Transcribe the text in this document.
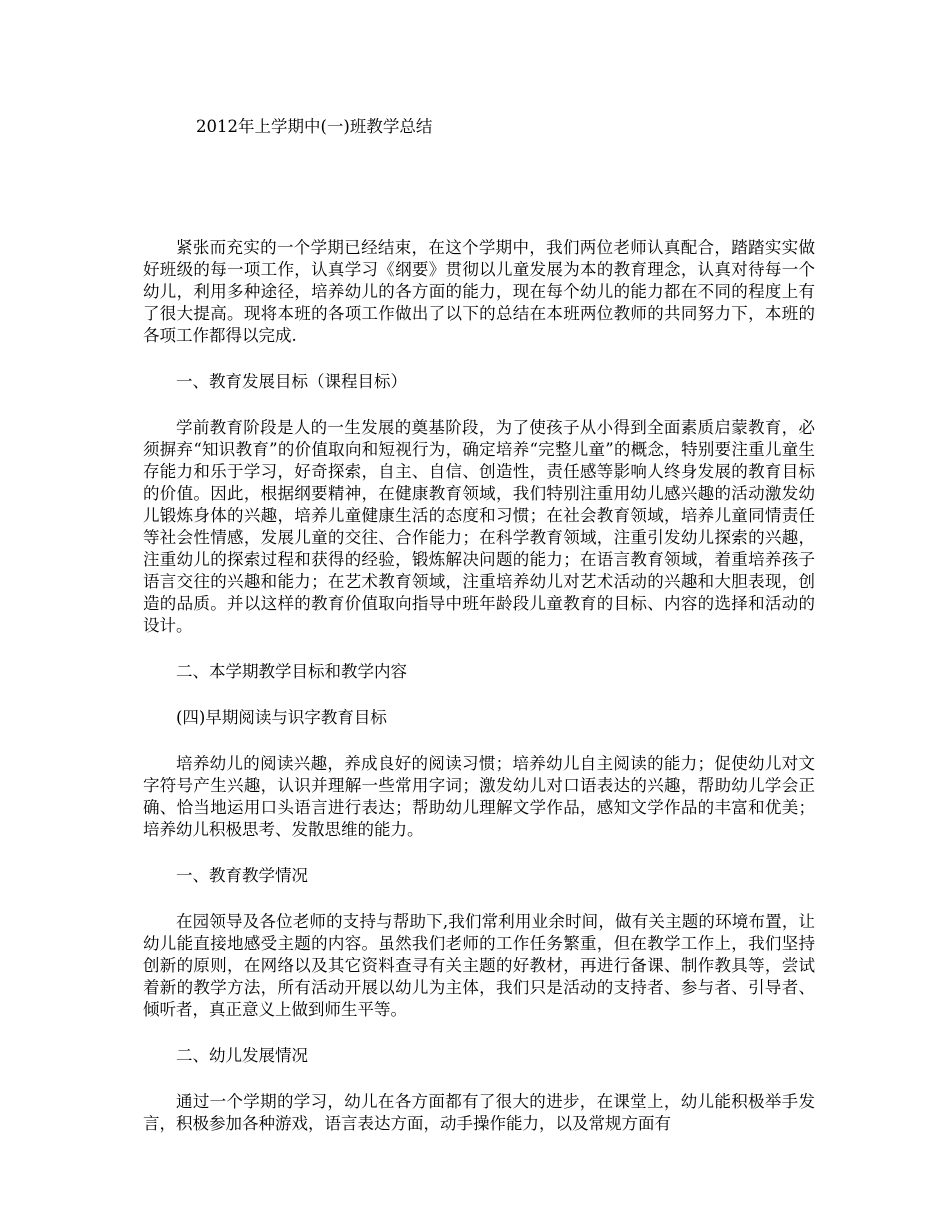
2012年上学期中(一)班教学总结

紧张而充实的一个学期已经结束，在这个学期中，我们两位老师认真配合，踏踏实实做好班级的每一项工作，认真学习《纲要》贯彻以儿童发展为本的教育理念，认真对待每一个幼儿，利用多种途径，培养幼儿的各方面的能力，现在每个幼儿的能力都在不同的程度上有了很大提高。现将本班的各项工作做出了以下的总结在本班两位教师的共同努力下，本班的各项工作都得以完成.

一、教育发展目标（课程目标）

学前教育阶段是人的一生发展的奠基阶段，为了使孩子从小得到全面素质启蒙教育，必须摒弃“知识教育”的价值取向和短视行为，确定培养“完整儿童”的概念，特别要注重儿童生存能力和乐于学习，好奇探索，自主、自信、创造性，责任感等影响人终身发展的教育目标的价值。因此，根据纲要精神，在健康教育领域，我们特别注重用幼儿感兴趣的活动激发幼儿锻炼身体的兴趣，培养儿童健康生活的态度和习惯；在社会教育领域，培养儿童同情责任等社会性情感，发展儿童的交往、合作能力；在科学教育领域，注重引发幼儿探索的兴趣，注重幼儿的探索过程和获得的经验，锻炼解决问题的能力；在语言教育领域，着重培养孩子语言交往的兴趣和能力；在艺术教育领域，注重培养幼儿对艺术活动的兴趣和大胆表现，创造的品质。并以这样的教育价值取向指导中班年龄段儿童教育的目标、内容的选择和活动的设计。

二、本学期教学目标和教学内容

(四)早期阅读与识字教育目标

培养幼儿的阅读兴趣，养成良好的阅读习惯；培养幼儿自主阅读的能力；促使幼儿对文字符号产生兴趣，认识并理解一些常用字词；激发幼儿对口语表达的兴趣，帮助幼儿学会正确、恰当地运用口头语言进行表达；帮助幼儿理解文学作品，感知文学作品的丰富和优美；培养幼儿积极思考、发散思维的能力。

一、教育教学情况

在园领导及各位老师的支持与帮助下,我们常利用业余时间，做有关主题的环境布置，让幼儿能直接地感受主题的内容。虽然我们老师的工作任务繁重，但在教学工作上，我们坚持创新的原则，在网络以及其它资料查寻有关主题的好教材，再进行备课、制作教具等，尝试着新的教学方法，所有活动开展以幼儿为主体，我们只是活动的支持者、参与者、引导者、倾听者，真正意义上做到师生平等。

二、幼儿发展情况

通过一个学期的学习，幼儿在各方面都有了很大的进步，在课堂上，幼儿能积极举手发言，积极参加各种游戏，语言表达方面，动手操作能力，以及常规方面有
